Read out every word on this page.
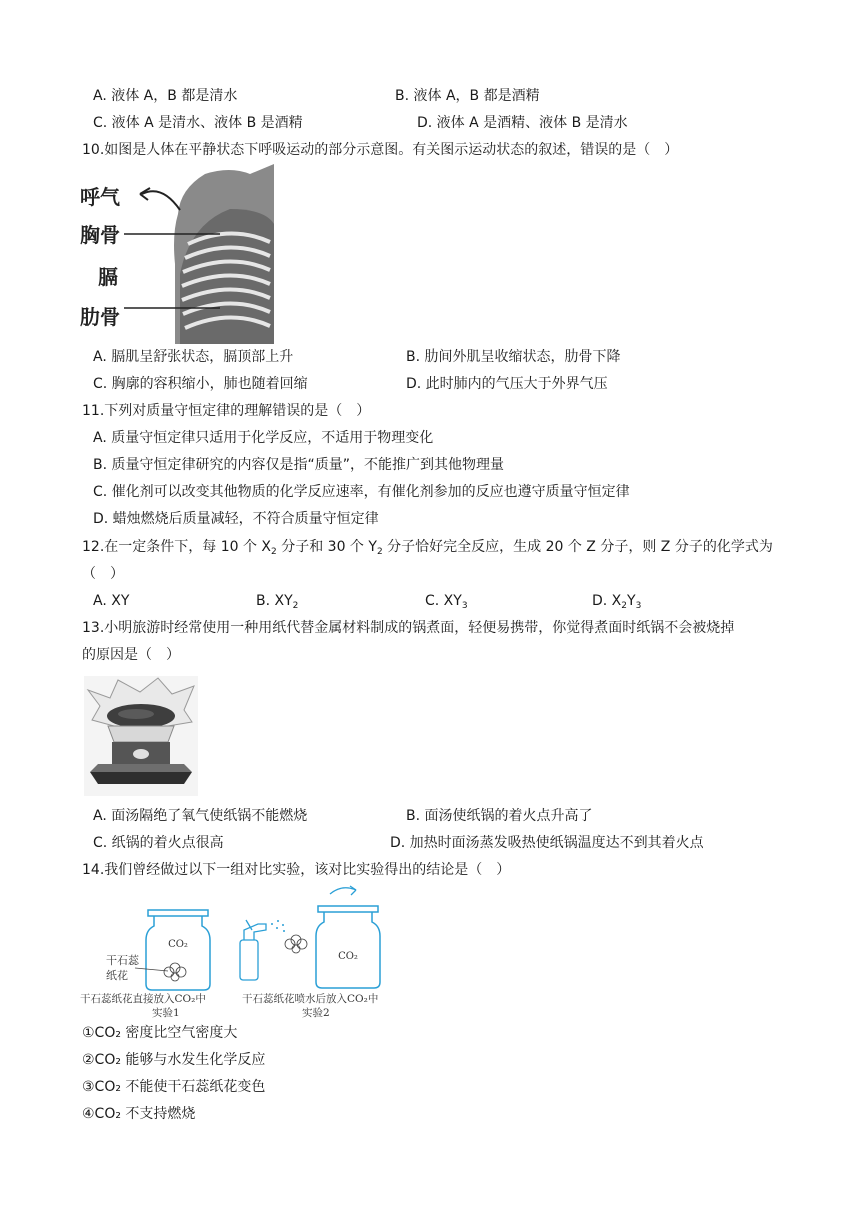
A. 液体 A，B 都是清水	B. 液体 A，B 都是酒精
C. 液体 A 是清水、液体 B 是酒精	D. 液体 A 是酒精、液体 B 是清水
10.如图是人体在平静状态下呼吸运动的部分示意图。有关图示运动状态的叙述，错误的是（　）
呼气
胸骨
膈
肋骨
A. 膈肌呈舒张状态，膈顶部上升	B. 肋间外肌呈收缩状态，肋骨下降
C. 胸廓的容积缩小，肺也随着回缩	D. 此时肺内的气压大于外界气压
11.下列对质量守恒定律的理解错误的是（　）
A. 质量守恒定律只适用于化学反应，不适用于物理变化
B. 质量守恒定律研究的内容仅是指“质量”，不能推广到其他物理量
C. 催化剂可以改变其他物质的化学反应速率，有催化剂参加的反应也遵守质量守恒定律
D. 蜡烛燃烧后质量减轻，不符合质量守恒定律
12.在一定条件下，每 10 个 $X_2$ 分子和 30 个 $Y_2$ 分子恰好完全反应，生成 20 个 Z 分子，则 Z 分子的化学式为
（　）
A. XY	B. $XY_2$	C. $XY_3$	D. $X_2Y_3$
13.小明旅游时经常使用一种用纸代替金属材料制成的锅煮面，轻便易携带，你觉得煮面时纸锅不会被烧掉
的原因是（　）
A. 面汤隔绝了氧气使纸锅不能燃烧	B. 面汤使纸锅的着火点升高了
C. 纸锅的着火点很高	D. 加热时面汤蒸发吸热使纸锅温度达不到其着火点
14.我们曾经做过以下一组对比实验，该对比实验得出的结论是（　）
CO₂
干石蕊
纸花
CO₂
干石蕊纸花直接放入CO₂中
实验1
干石蕊纸花喷水后放入CO₂中
实验2
①CO₂ 密度比空气密度大
②CO₂ 能够与水发生化学反应
③CO₂ 不能使干石蕊纸花变色
④CO₂ 不支持燃烧
